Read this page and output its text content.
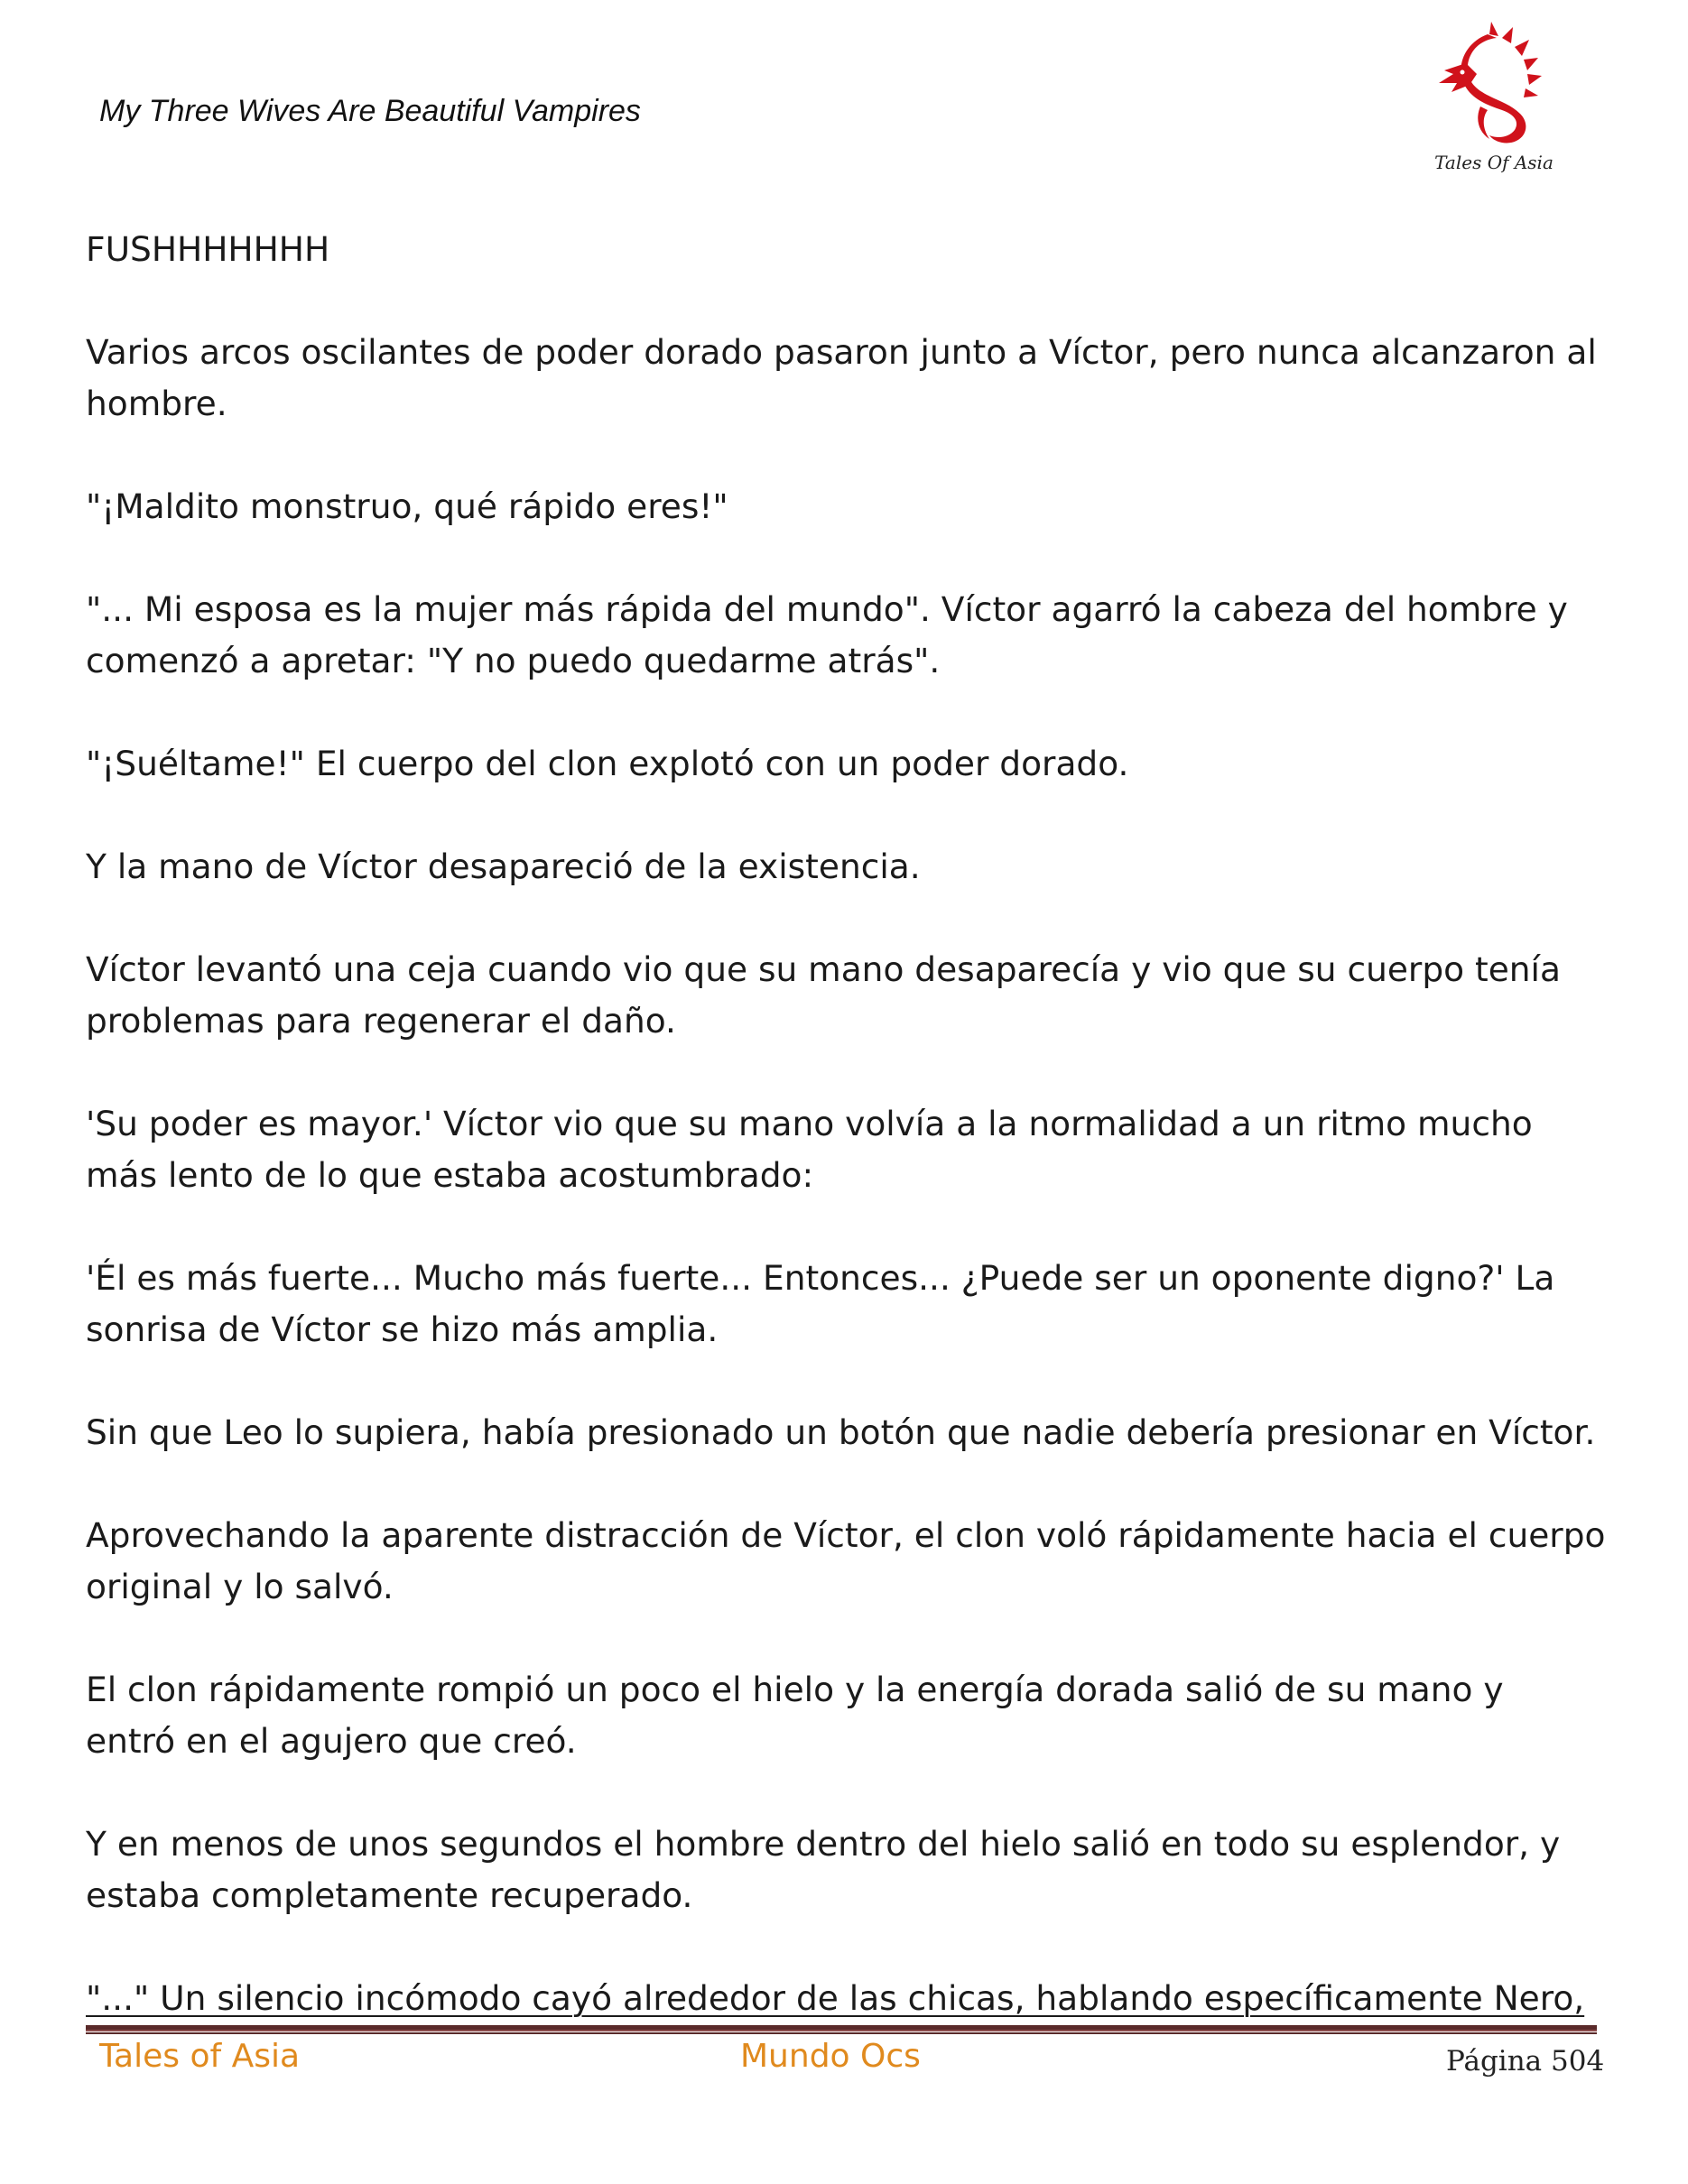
My Three Wives Are Beautiful Vampires
Tales Of Asia

FUSHHHHHHH

Varios arcos oscilantes de poder dorado pasaron junto a Víctor, pero nunca alcanzaron al
hombre.

"¡Maldito monstruo, qué rápido eres!"

"... Mi esposa es la mujer más rápida del mundo". Víctor agarró la cabeza del hombre y
comenzó a apretar: "Y no puedo quedarme atrás".

"¡Suéltame!" El cuerpo del clon explotó con un poder dorado.

Y la mano de Víctor desapareció de la existencia.

Víctor levantó una ceja cuando vio que su mano desaparecía y vio que su cuerpo tenía
problemas para regenerar el daño.

'Su poder es mayor.' Víctor vio que su mano volvía a la normalidad a un ritmo mucho
más lento de lo que estaba acostumbrado:

'Él es más fuerte... Mucho más fuerte... Entonces... ¿Puede ser un oponente digno?' La
sonrisa de Víctor se hizo más amplia.

Sin que Leo lo supiera, había presionado un botón que nadie debería presionar en Víctor.

Aprovechando la aparente distracción de Víctor, el clon voló rápidamente hacia el cuerpo
original y lo salvó.

El clon rápidamente rompió un poco el hielo y la energía dorada salió de su mano y
entró en el agujero que creó.

Y en menos de unos segundos el hombre dentro del hielo salió en todo su esplendor, y
estaba completamente recuperado.

"..." Un silencio incómodo cayó alrededor de las chicas, hablando específicamente Nero,

Tales of Asia	Mundo Ocs	Página 504
